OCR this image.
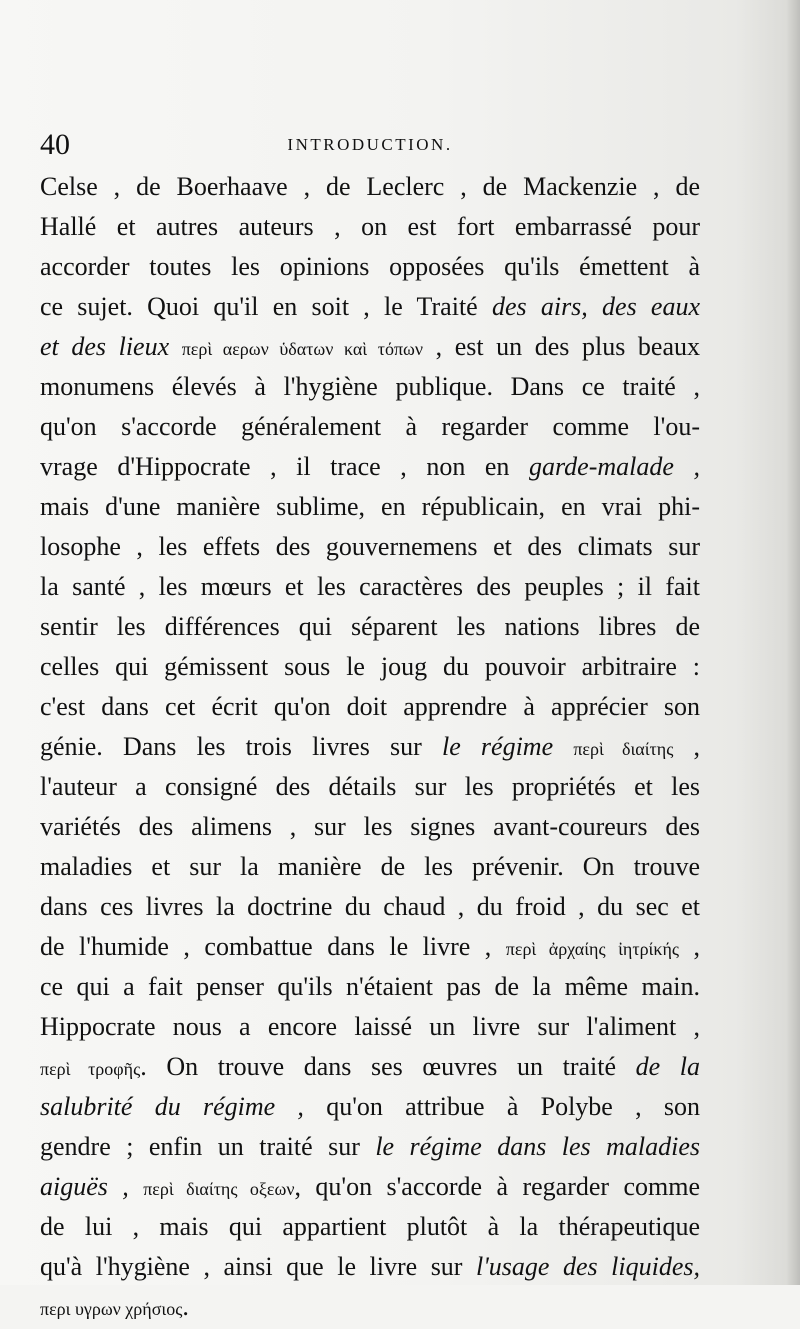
40	INTRODUCTION.
Celse , de Boerhaave , de Leclerc , de Mackenzie , de
Hallé et autres auteurs , on est fort embarrassé pour
accorder toutes les opinions opposées qu'ils émettent à
ce sujet. Quoi qu'il en soit , le Traité des airs, des eaux
et des lieux περὶ αερων ὑδατων καὶ τόπων , est un des plus beaux
monumens élevés à l'hygiène publique. Dans ce traité ,
qu'on s'accorde généralement à regarder comme l'ou-
vrage d'Hippocrate , il trace , non en garde-malade ,
mais d'une manière sublime, en républicain, en vrai phi-
losophe , les effets des gouvernemens et des climats sur
la santé , les mœurs et les caractères des peuples ; il fait
sentir les différences qui séparent les nations libres de
celles qui gémissent sous le joug du pouvoir arbitraire :
c'est dans cet écrit qu'on doit apprendre à apprécier son
génie. Dans les trois livres sur le régime περὶ διαίτης ,
l'auteur a consigné des détails sur les propriétés et les
variétés des alimens , sur les signes avant-coureurs des
maladies et sur la manière de les prévenir. On trouve
dans ces livres la doctrine du chaud , du froid , du sec et
de l'humide , combattue dans le livre , περὶ ἀρχαίης ἰητρίκής ,
ce qui a fait penser qu'ils n'étaient pas de la même main.
Hippocrate nous a encore laissé un livre sur l'aliment ,
περὶ τροφῆς. On trouve dans ses œuvres un traité de la
salubrité du régime , qu'on attribue à Polybe , son
gendre ; enfin un traité sur le régime dans les maladies
aiguës , περὶ διαίτης οξεων, qu'on s'accorde à regarder comme
de lui , mais qui appartient plutôt à la thérapeutique
qu'à l'hygiène , ainsi que le livre sur l'usage des liquides,
περι υγρων χρήσιος.
